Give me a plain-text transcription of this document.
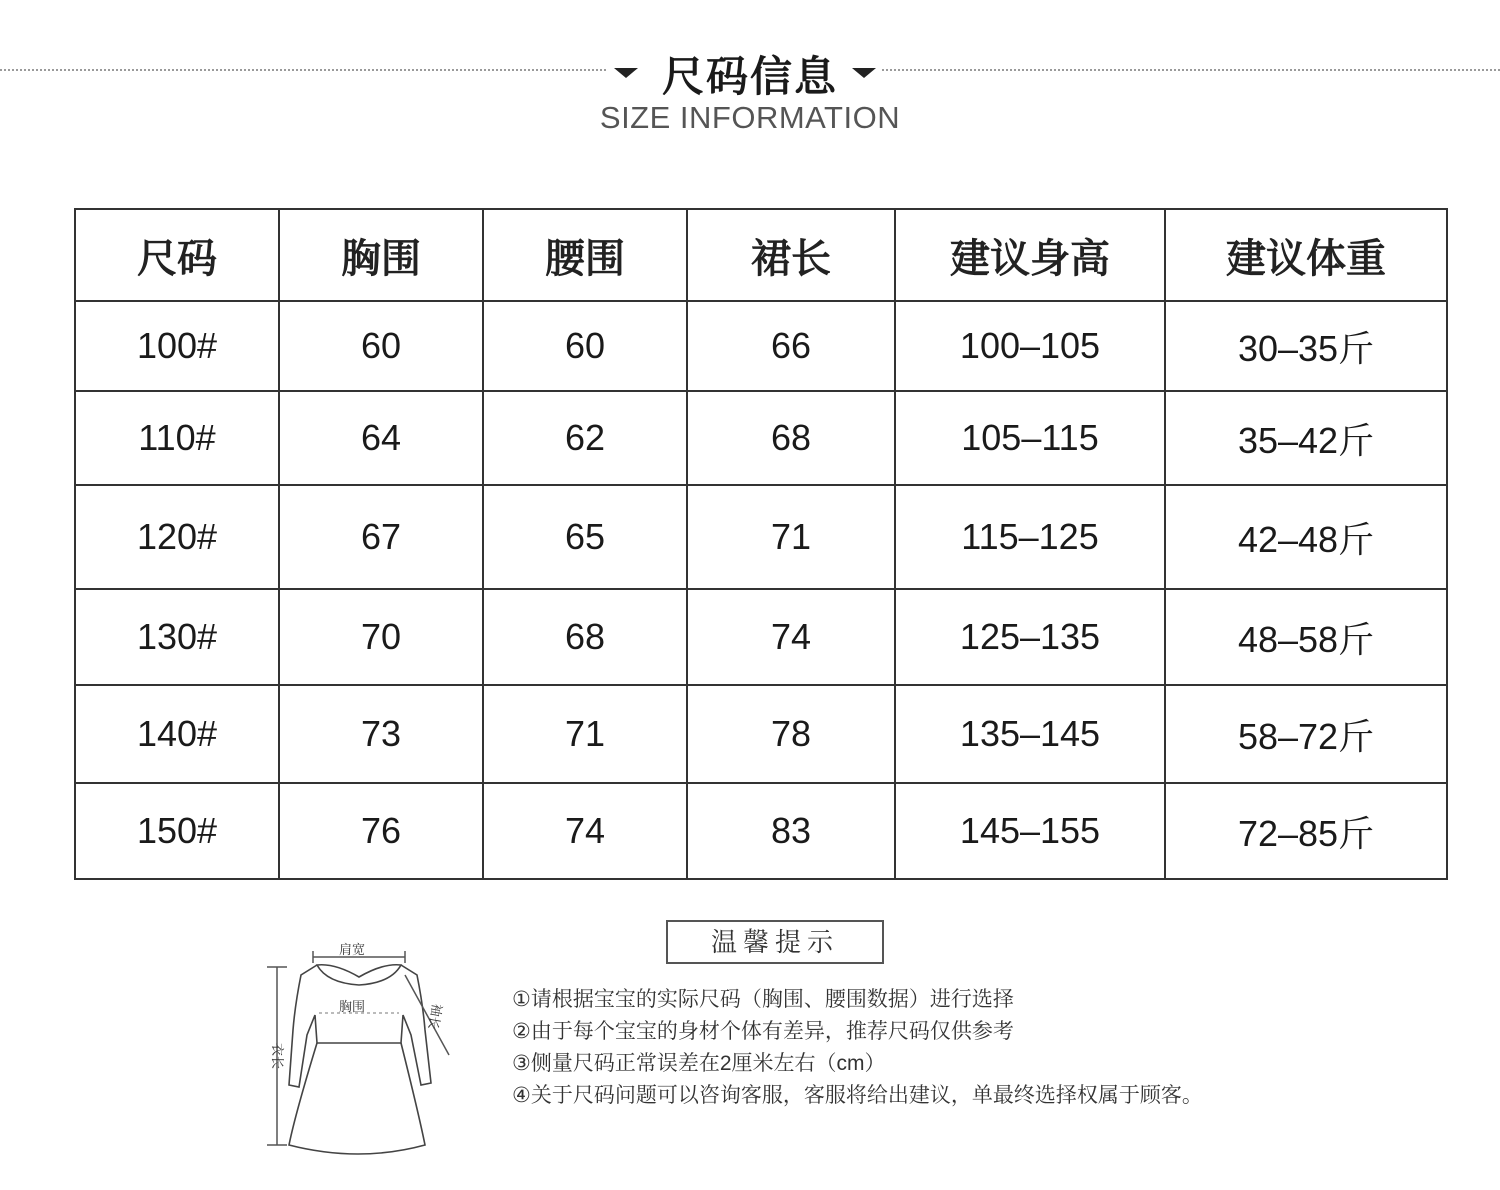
尺码信息
SIZE INFORMATION
尺码	胸围	腰围	裙长	建议身高	建议体重
100#	60	60	66	100–105	30–35斤
110#	64	62	68	105–115	35–42斤
120#	67	65	71	115–125	42–48斤
130#	70	68	74	125–135	48–58斤
140#	73	71	78	135–145	58–72斤
150#	76	74	83	145–155	72–85斤
肩宽
胸围
衣长
袖长
温馨提示
①请根据宝宝的实际尺码（胸围、腰围数据）进行选择
②由于每个宝宝的身材个体有差异，推荐尺码仅供参考
③侧量尺码正常误差在2厘米左右（cm）
④关于尺码问题可以咨询客服，客服将给出建议，单最终选择权属于顾客。
